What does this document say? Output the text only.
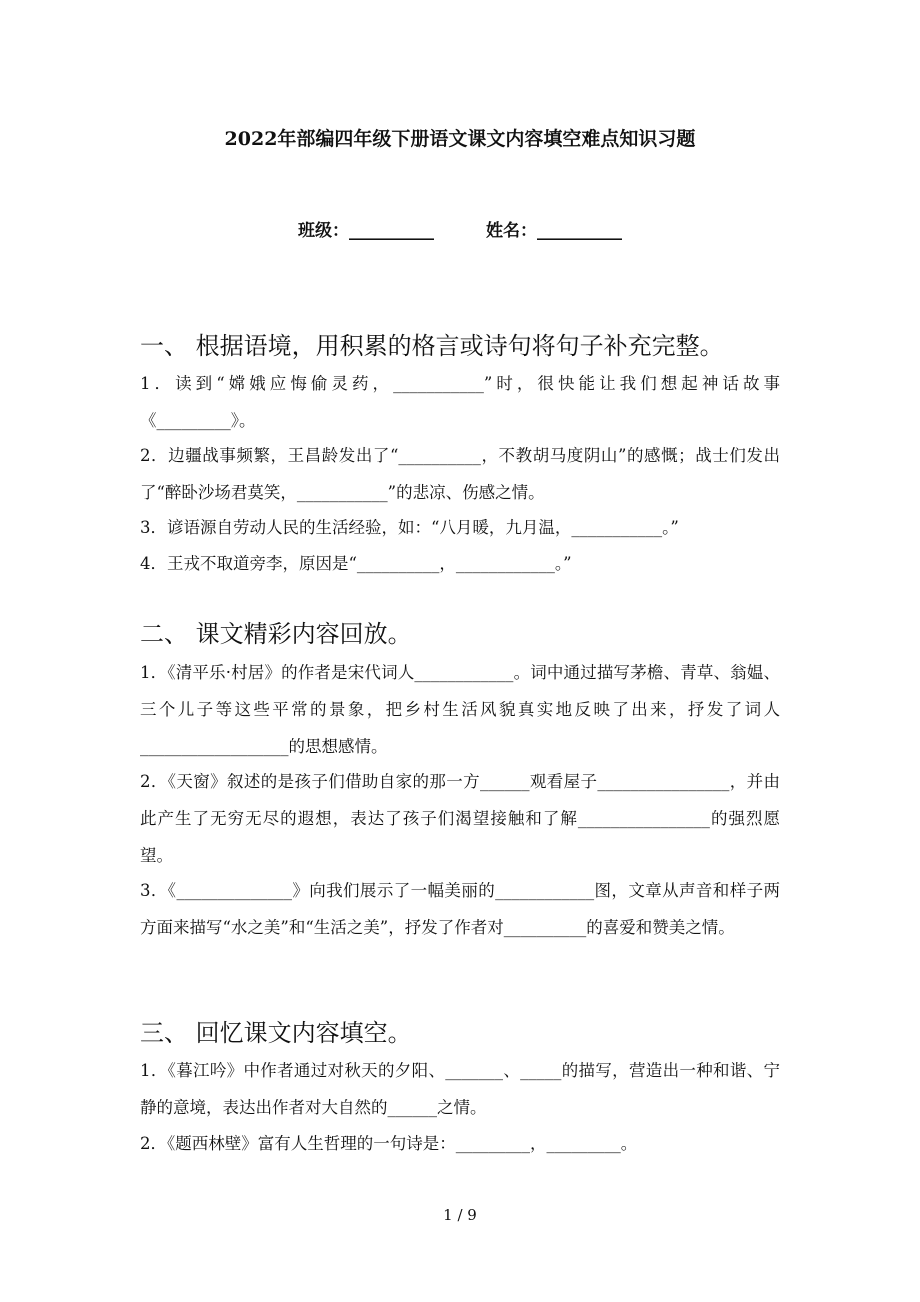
2022年部编四年级下册语文课文内容填空难点知识习题
班级：__________	姓名：__________
一、 根据语境，用积累的格言或诗句将句子补充完整。
1．读到“嫦娥应悔偷灵药，___________”时，很快能让我们想起神话故事《_________》。
2．边疆战事频繁，王昌龄发出了“__________，不教胡马度阴山”的感慨；战士们发出了“醉卧沙场君莫笑，___________”的悲凉、伤感之情。
3．谚语源自劳动人民的生活经验，如：“八月暖，九月温，___________。”
4．王戎不取道旁李，原因是“__________，____________。”
二、 课文精彩内容回放。
1．《清平乐·村居》的作者是宋代词人____________。词中通过描写茅檐、青草、翁媪、三个儿子等这些平常的景象，把乡村生活风貌真实地反映了出来，抒发了词人__________________的思想感情。
2．《天窗》叙述的是孩子们借助自家的那一方______观看屋子________________，并由此产生了无穷无尽的遐想，表达了孩子们渴望接触和了解________________的强烈愿望。
3．《______________》向我们展示了一幅美丽的____________图，文章从声音和样子两方面来描写“水之美”和“生活之美”，抒发了作者对__________的喜爱和赞美之情。
三、 回忆课文内容填空。
1．《暮江吟》中作者通过对秋天的夕阳、_______、_____的描写，营造出一种和谐、宁静的意境，表达出作者对大自然的______之情。
2．《题西林壁》富有人生哲理的一句诗是：_________，_________。
1 / 9
